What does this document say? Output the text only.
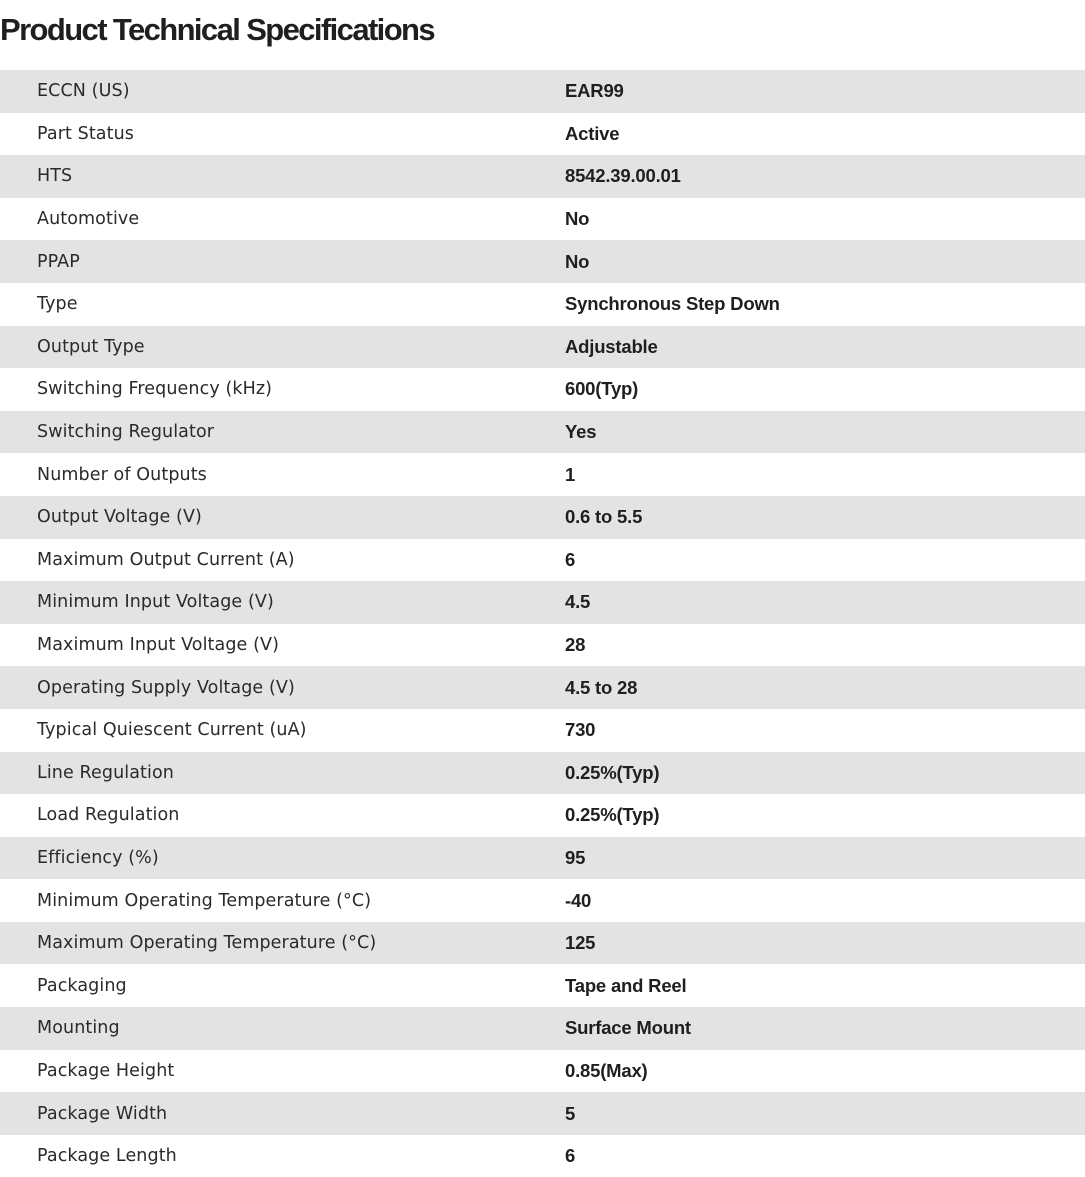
Product Technical Specifications
ECCN (US)	EAR99
Part Status	Active
HTS	8542.39.00.01
Automotive	No
PPAP	No
Type	Synchronous Step Down
Output Type	Adjustable
Switching Frequency (kHz)	600(Typ)
Switching Regulator	Yes
Number of Outputs	1
Output Voltage (V)	0.6 to 5.5
Maximum Output Current (A)	6
Minimum Input Voltage (V)	4.5
Maximum Input Voltage (V)	28
Operating Supply Voltage (V)	4.5 to 28
Typical Quiescent Current (uA)	730
Line Regulation	0.25%(Typ)
Load Regulation	0.25%(Typ)
Efficiency (%)	95
Minimum Operating Temperature (°C)	-40
Maximum Operating Temperature (°C)	125
Packaging	Tape and Reel
Mounting	Surface Mount
Package Height	0.85(Max)
Package Width	5
Package Length	6
